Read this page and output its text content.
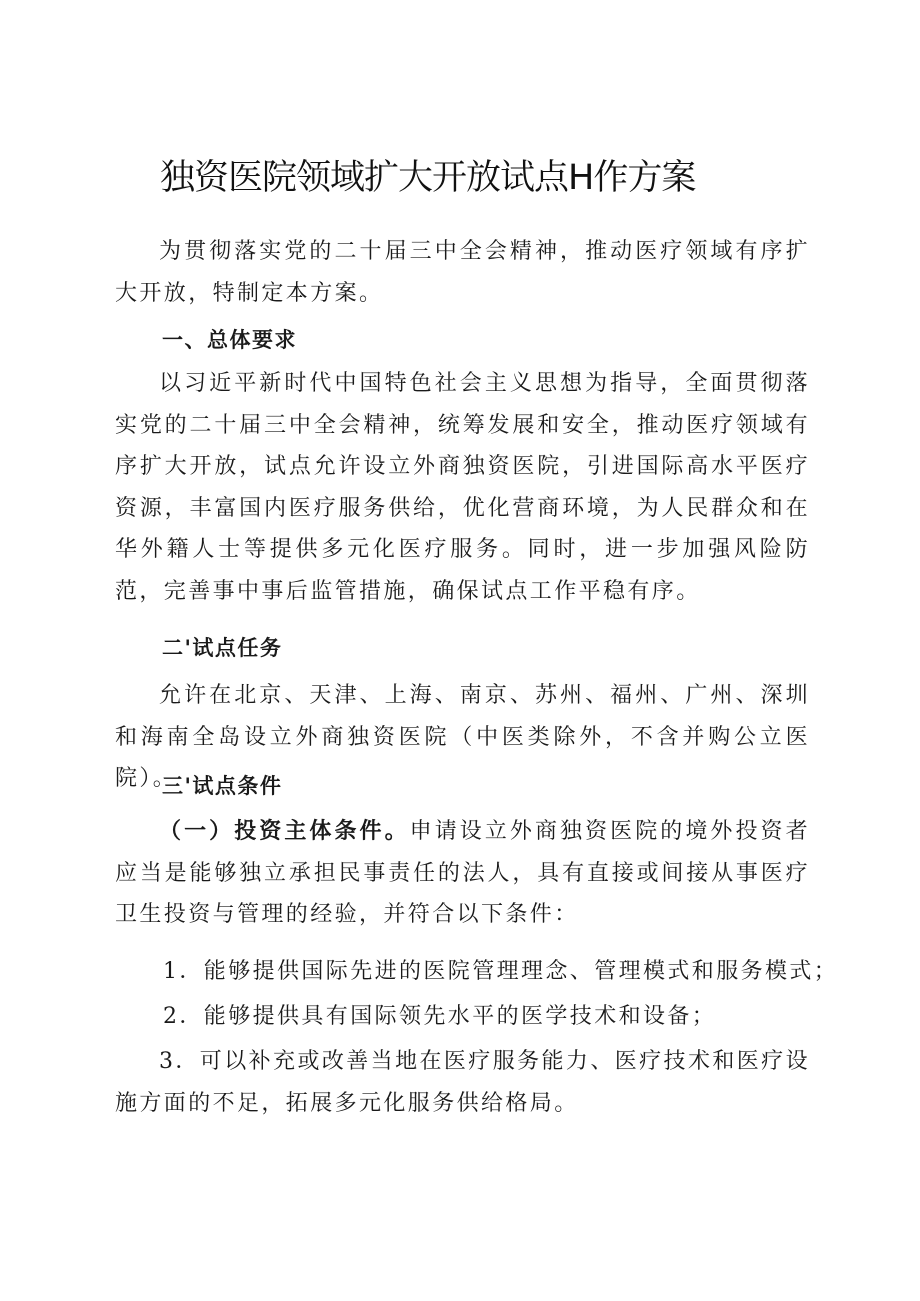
独资医院领域扩大开放试点H作方案
为贯彻落实党的二十届三中全会精神，推动医疗领域有序扩大开放，特制定本方案。
一、总体要求
以习近平新时代中国特色社会主义思想为指导，全面贯彻落实党的二十届三中全会精神，统筹发展和安全，推动医疗领域有序扩大开放，试点允许设立外商独资医院，引进国际高水平医疗资源，丰富国内医疗服务供给，优化营商环境，为人民群众和在华外籍人士等提供多元化医疗服务。同时，进一步加强风险防范，完善事中事后监管措施，确保试点工作平稳有序。
二'试点任务
允许在北京、天津、上海、南京、苏州、福州、广州、深圳和海南全岛设立外商独资医院（中医类除外，不含并购公立医院）。
三'试点条件
（一）投资主体条件。申请设立外商独资医院的境外投资者应当是能够独立承担民事责任的法人，具有直接或间接从事医疗卫生投资与管理的经验，并符合以下条件：
1．能够提供国际先进的医院管理理念、管理模式和服务模式；
2．能够提供具有国际领先水平的医学技术和设备；
3．可以补充或改善当地在医疗服务能力、医疗技术和医疗设施方面的不足，拓展多元化服务供给格局。
